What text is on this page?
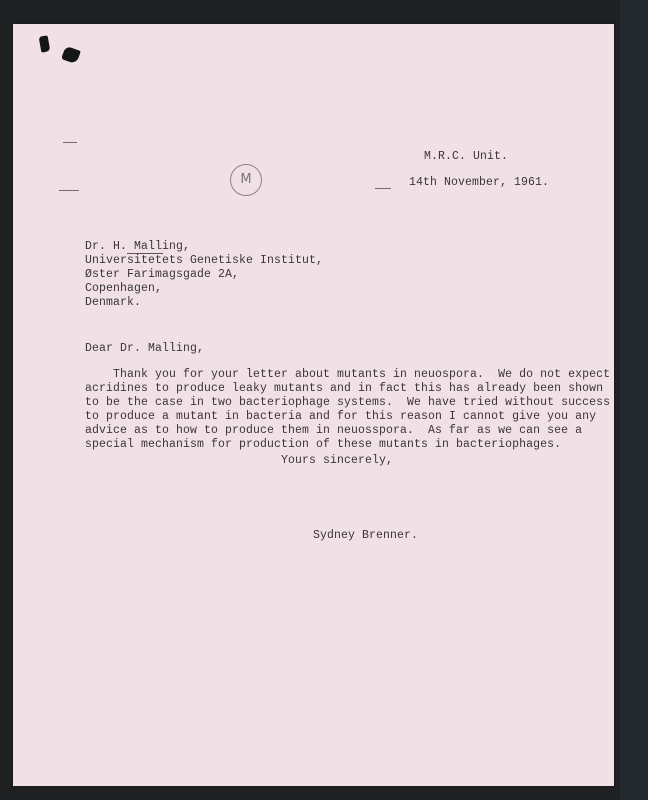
M.R.C. Unit.
M	14th November, 1961.
Dr. H. Malling,
Universitetets Genetiske Institut,
Øster Farimagsgade 2A,
Copenhagen,
Denmark.
Dear Dr. Malling,
Thank you for your letter about mutants in neuospora.  We do not expect
acridines to produce leaky mutants and in fact this has already been shown
to be the case in two bacteriophage systems.  We have tried without success
to produce a mutant in bacteria and for this reason I cannot give you any
advice as to how to produce them in neuosspora.  As far as we can see a
special mechanism for production of these mutants in bacteriophages.
Yours sincerely,
Sydney Brenner.
